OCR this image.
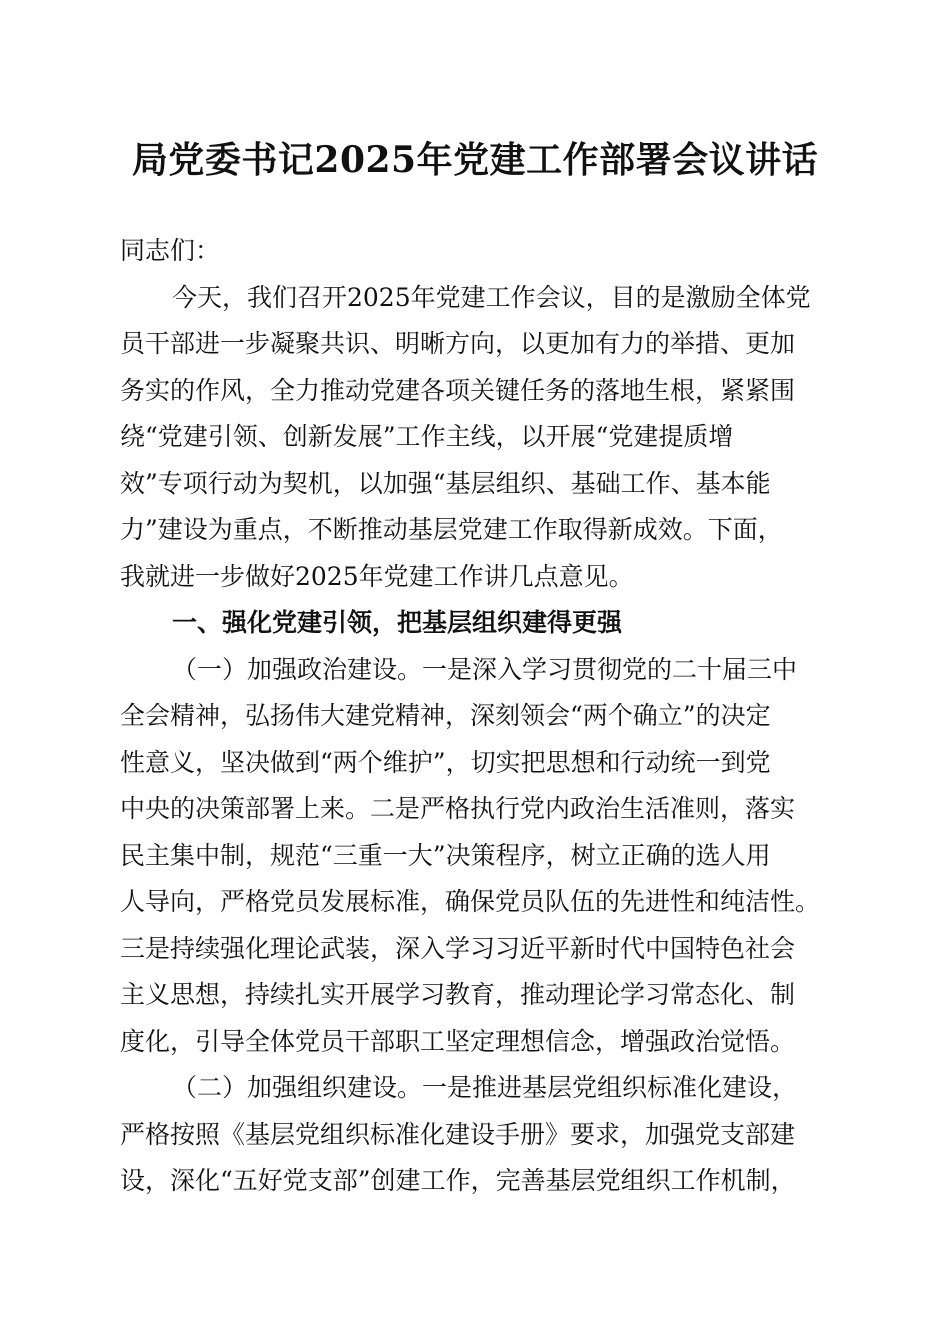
局党委书记2025年党建工作部署会议讲话
同志们：
今天，我们召开2025年党建工作会议，目的是激励全体党
员干部进一步凝聚共识、明晰方向，以更加有力的举措、更加
务实的作风，全力推动党建各项关键任务的落地生根，紧紧围
绕“党建引领、创新发展”工作主线，以开展“党建提质增
效”专项行动为契机，以加强“基层组织、基础工作、基本能
力”建设为重点，不断推动基层党建工作取得新成效。下面，
我就进一步做好2025年党建工作讲几点意见。
一、强化党建引领，把基层组织建得更强
（一）加强政治建设。一是深入学习贯彻党的二十届三中
全会精神，弘扬伟大建党精神，深刻领会“两个确立”的决定
性意义，坚决做到“两个维护”，切实把思想和行动统一到党
中央的决策部署上来。二是严格执行党内政治生活准则，落实
民主集中制，规范“三重一大”决策程序，树立正确的选人用
人导向，严格党员发展标准，确保党员队伍的先进性和纯洁性。
三是持续强化理论武装，深入学习习近平新时代中国特色社会
主义思想，持续扎实开展学习教育，推动理论学习常态化、制
度化，引导全体党员干部职工坚定理想信念，增强政治觉悟。
（二）加强组织建设。一是推进基层党组织标准化建设，
严格按照《基层党组织标准化建设手册》要求，加强党支部建
设，深化“五好党支部”创建工作，完善基层党组织工作机制，
